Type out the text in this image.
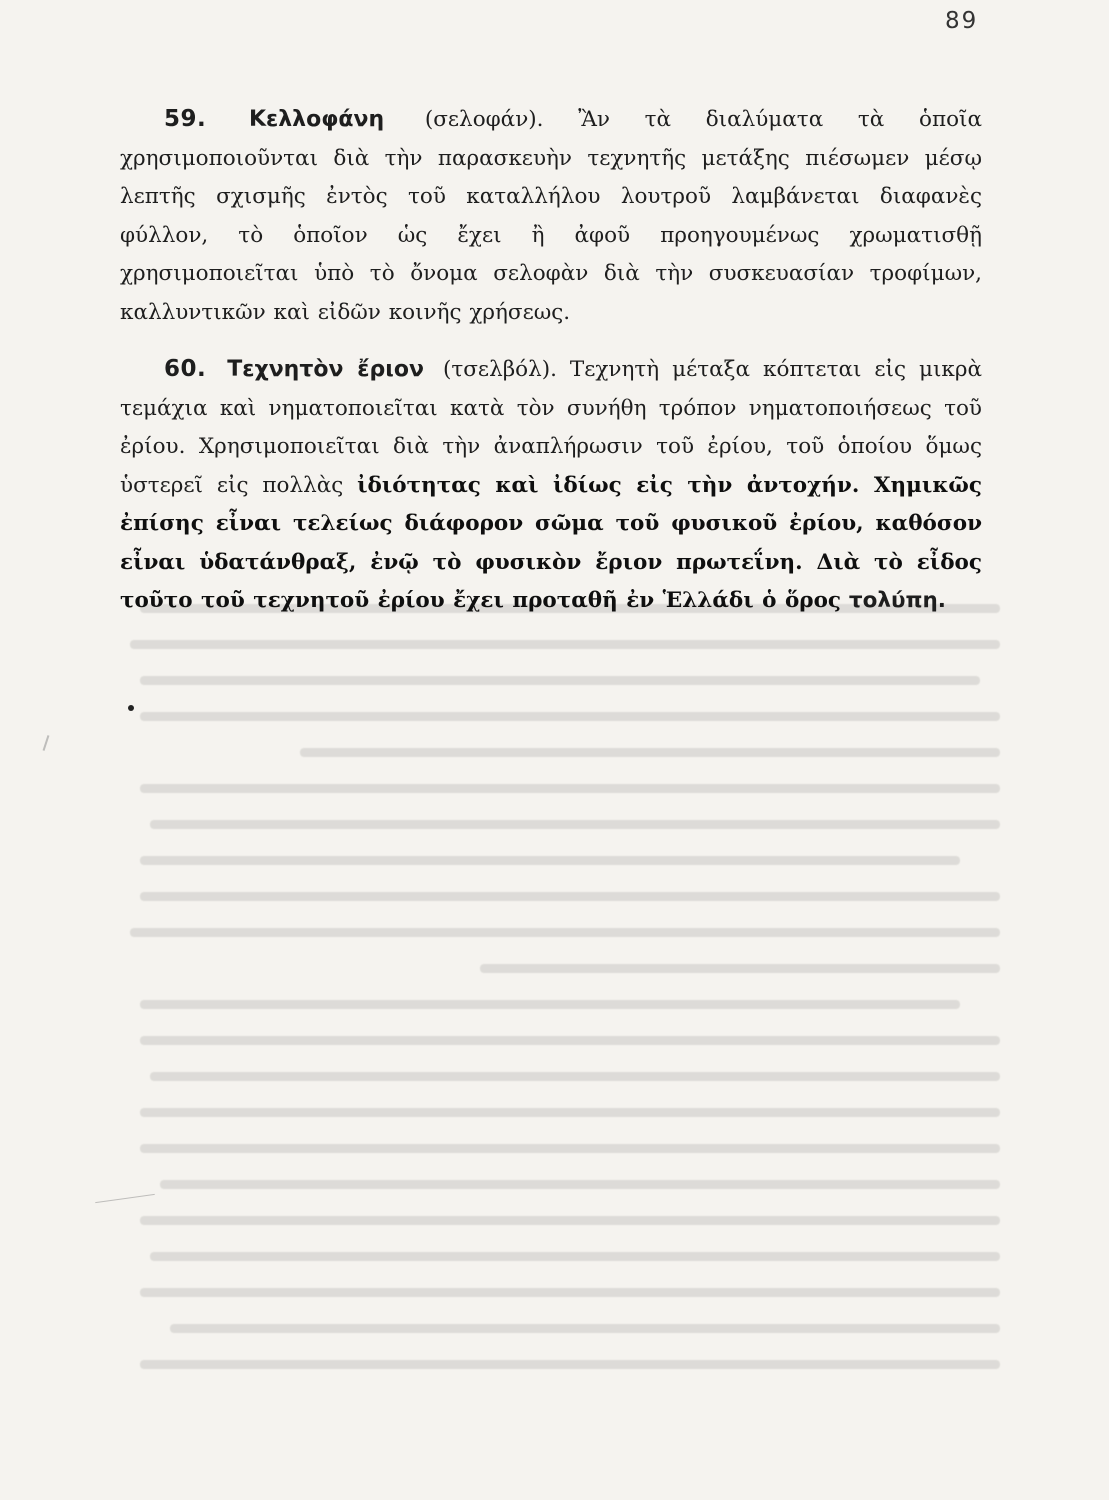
89
59. Κελλοφάνη (σελοφάν). Ἂν τὰ διαλύματα τὰ ὁποῖα χρησιμοποιοῦνται διὰ τὴν παρασκευὴν τεχνητῆς μετάξης πιέσωμεν μέσῳ λεπτῆς σχισμῆς ἐντὸς τοῦ καταλλήλου λουτροῦ λαμβάνεται διαφανὲς φύλλον, τὸ ὁποῖον ὡς ἔχει ἢ ἀφοῦ προηγουμένως χρωματισθῇ χρησιμοποιεῖται ὑπὸ τὸ ὄνομα σελοφὰν διὰ τὴν συσκευασίαν τροφίμων, καλλυντικῶν καὶ εἰδῶν κοινῆς χρήσεως.
60. Τεχνητὸν ἔριον (τσελβόλ). Τεχνητὴ μέταξα κόπτεται εἰς μικρὰ τεμάχια καὶ νηματοποιεῖται κατὰ τὸν συνήθη τρόπον νηματοποιήσεως τοῦ ἐρίου. Χρησιμοποιεῖται διὰ τὴν ἀναπλήρωσιν τοῦ ἐρίου, τοῦ ὁποίου ὅμως ὑστερεῖ εἰς πολλὰς ἰδιότητας καὶ ἰδίως εἰς τὴν ἀντοχήν. Χημικῶς ἐπίσης εἶναι τελείως διάφορον σῶμα τοῦ φυσικοῦ ἐρίου, καθόσον εἶναι ὑδατάνθραξ, ἐνῷ τὸ φυσικὸν ἔριον πρωτεΐνη. Διὰ τὸ εἶδος τοῦτο τοῦ τεχνητοῦ ἐρίου ἔχει προταθῆ ἐν Ἑλλάδι ὁ ὅρος τολύπη.
